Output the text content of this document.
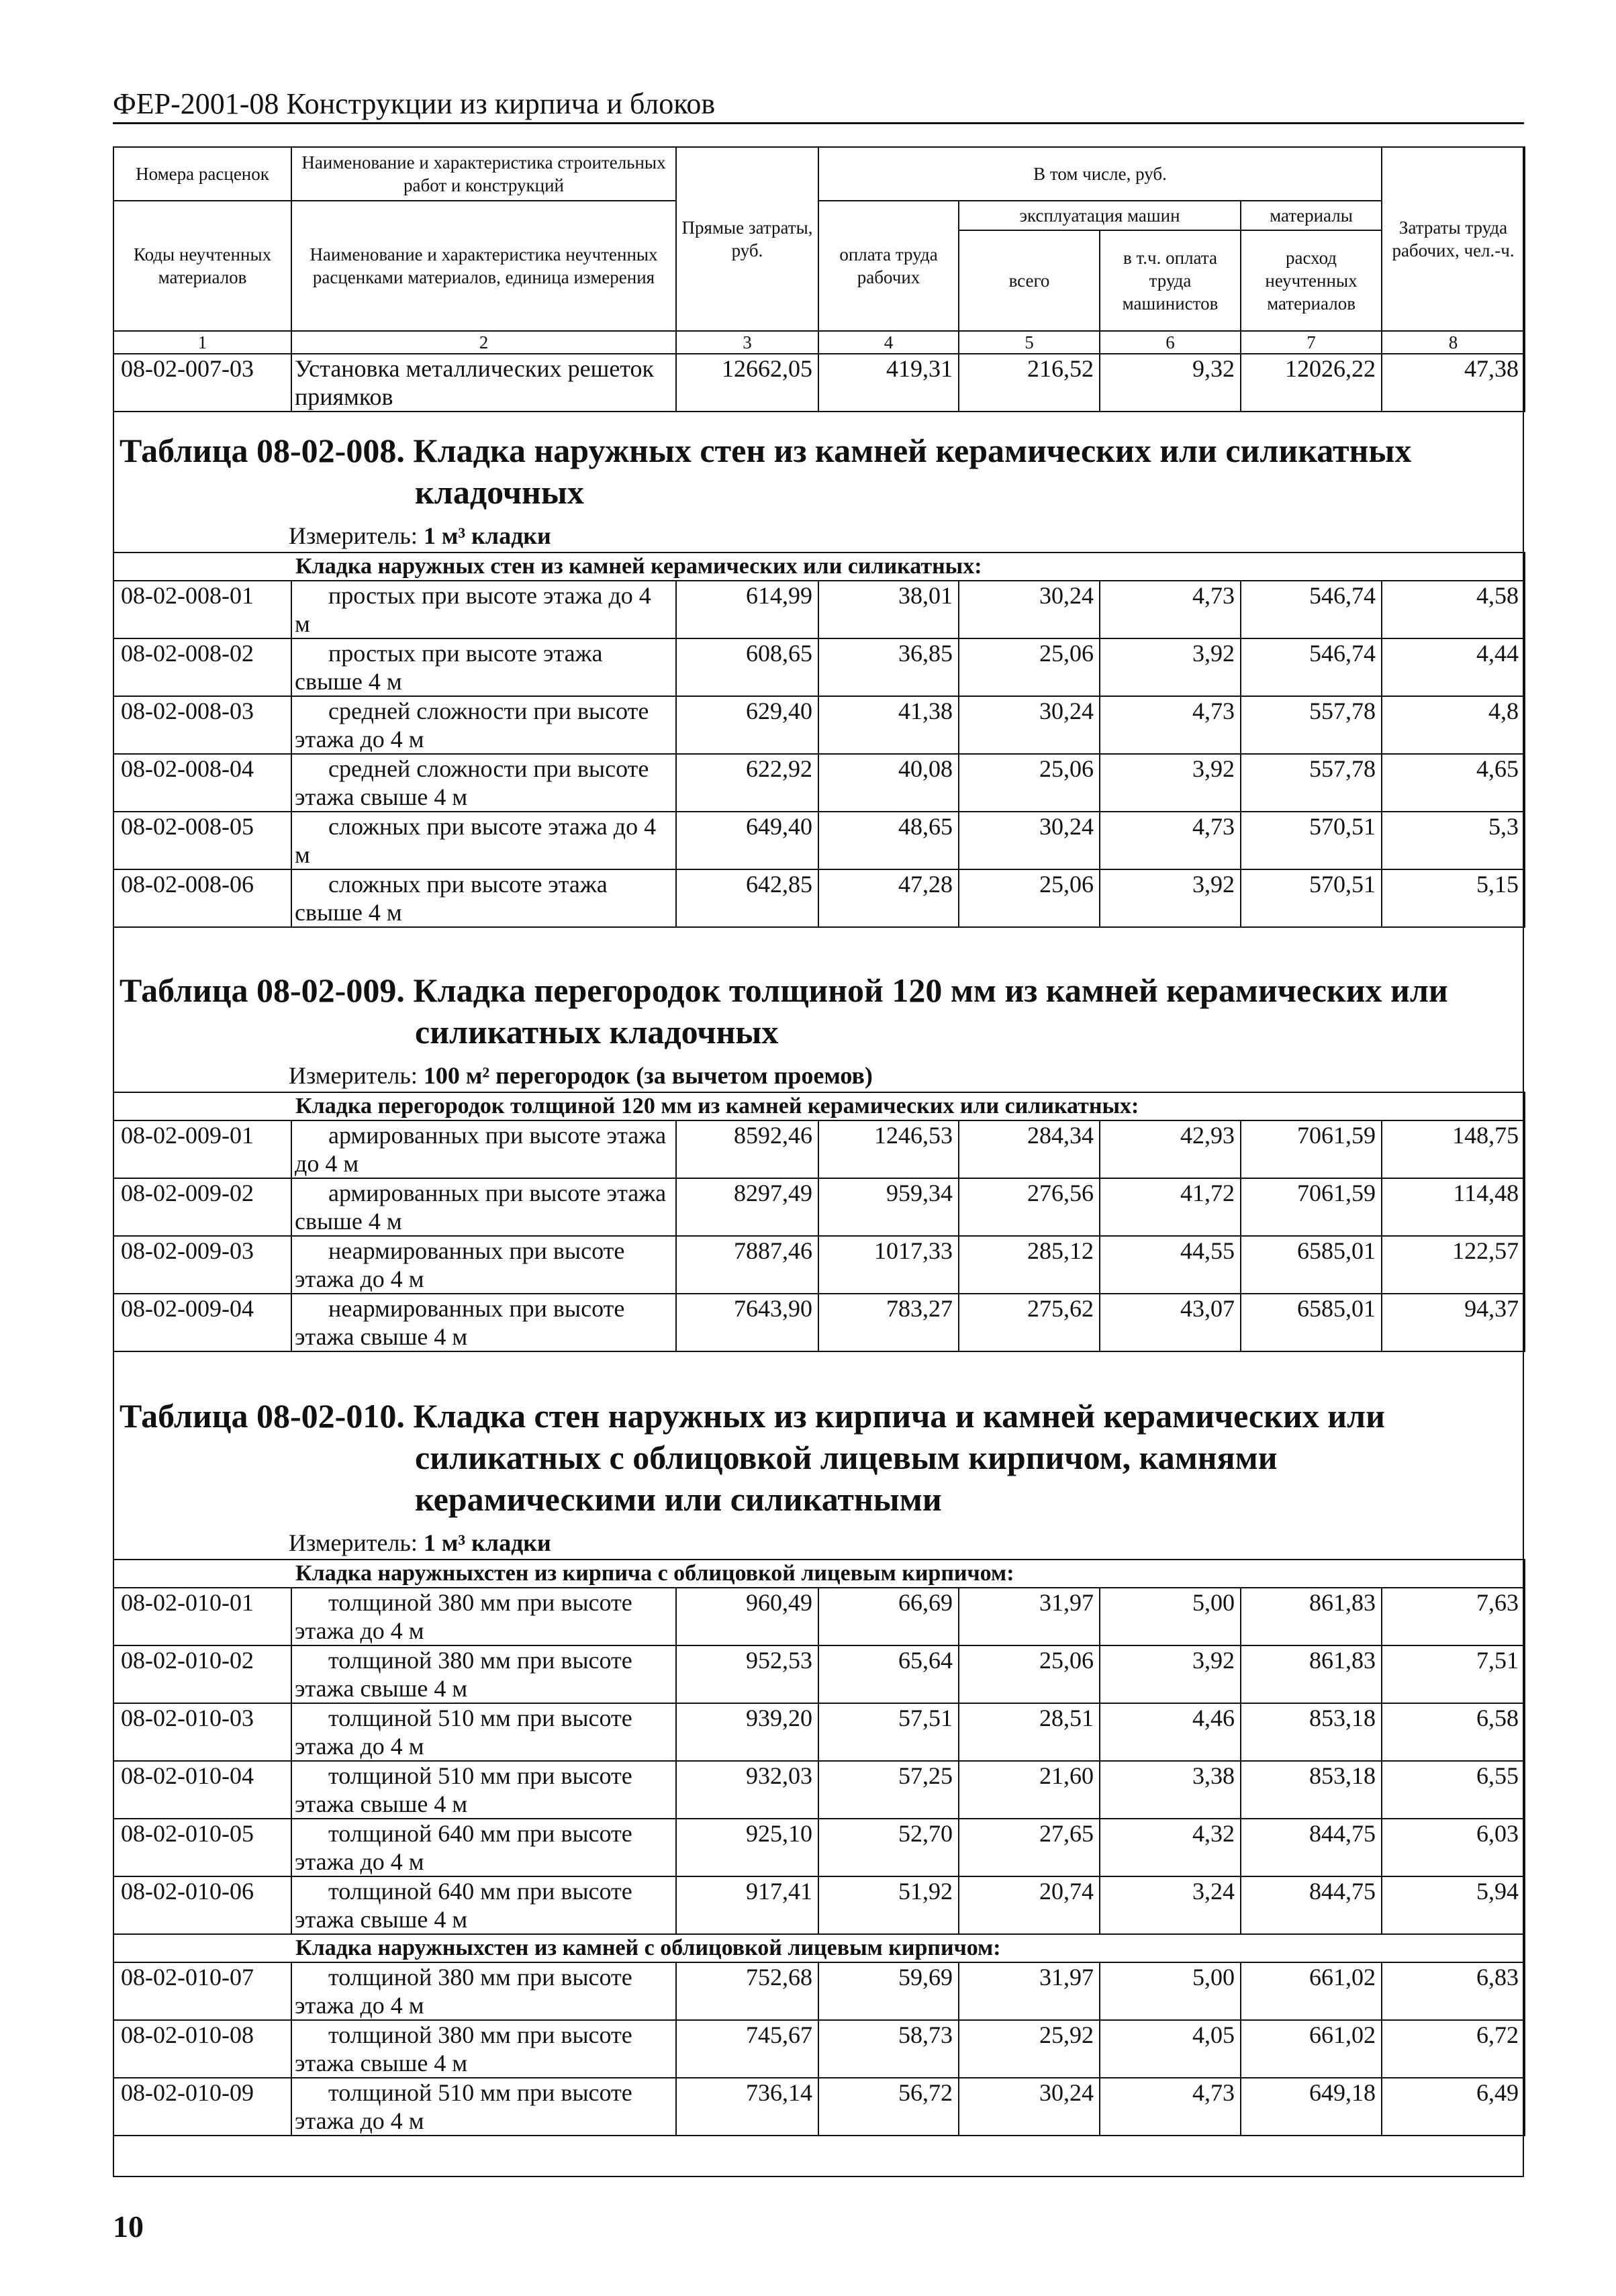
ФЕР-2001-08 Конструкции из кирпича и блоков
Номера расценок	Наименование и характеристика строительных работ и конструкций	Прямые затраты, руб.	В том числе, руб.				Затраты труда рабочих, чел.-ч.
Коды неучтенных материалов	Наименование и характеристика неучтенных расценками материалов, единица измерения		оплата труда рабочих	эксплуатация машин		материалы	
				всего	в т.ч. оплата труда машинистов	расход неучтенных материалов	
1	2	3	4	5	6	7	8
08-02-007-03	Установка металлических решеток приямков	12662,05	419,31	216,52	9,32	12026,22	47,38
Таблица 08-02-008. Кладка наружных стен из камней керамических или силикатных
кладочных
Измеритель: 1 м³ кладки
Кладка наружных стен из камней керамических или силикатных:							
08-02-008-01	простых при высоте этажа до 4 м	614,99	38,01	30,24	4,73	546,74	4,58
08-02-008-02	простых при высоте этажа свыше 4 м	608,65	36,85	25,06	3,92	546,74	4,44
08-02-008-03	средней сложности при высоте этажа до 4 м	629,40	41,38	30,24	4,73	557,78	4,8
08-02-008-04	средней сложности при высоте этажа свыше 4 м	622,92	40,08	25,06	3,92	557,78	4,65
08-02-008-05	сложных при высоте этажа до 4 м	649,40	48,65	30,24	4,73	570,51	5,3
08-02-008-06	сложных при высоте этажа свыше 4 м	642,85	47,28	25,06	3,92	570,51	5,15
Таблица 08-02-009. Кладка перегородок толщиной 120 мм из камней керамических или
силикатных кладочных
Измеритель: 100 м² перегородок (за вычетом проемов)
Кладка перегородок толщиной 120 мм из камней керамических или силикатных:							
08-02-009-01	армированных при высоте этажа до 4 м	8592,46	1246,53	284,34	42,93	7061,59	148,75
08-02-009-02	армированных при высоте этажа свыше 4 м	8297,49	959,34	276,56	41,72	7061,59	114,48
08-02-009-03	неармированных при высоте этажа до 4 м	7887,46	1017,33	285,12	44,55	6585,01	122,57
08-02-009-04	неармированных при высоте этажа свыше 4 м	7643,90	783,27	275,62	43,07	6585,01	94,37
Таблица 08-02-010. Кладка стен наружных из кирпича и камней керамических или
силикатных с облицовкой лицевым кирпичом, камнями
керамическими или силикатными
Измеритель: 1 м³ кладки
Кладка наружныхстен из кирпича с облицовкой лицевым кирпичом:							
08-02-010-01	толщиной 380 мм при высоте этажа до 4 м	960,49	66,69	31,97	5,00	861,83	7,63
08-02-010-02	толщиной 380 мм при высоте этажа свыше 4 м	952,53	65,64	25,06	3,92	861,83	7,51
08-02-010-03	толщиной 510 мм при высоте этажа до 4 м	939,20	57,51	28,51	4,46	853,18	6,58
08-02-010-04	толщиной 510 мм при высоте этажа свыше 4 м	932,03	57,25	21,60	3,38	853,18	6,55
08-02-010-05	толщиной 640 мм при высоте этажа до 4 м	925,10	52,70	27,65	4,32	844,75	6,03
08-02-010-06	толщиной 640 мм при высоте этажа свыше 4 м	917,41	51,92	20,74	3,24	844,75	5,94
Кладка наружныхстен из камней с облицовкой лицевым кирпичом:							
08-02-010-07	толщиной 380 мм при высоте этажа до 4 м	752,68	59,69	31,97	5,00	661,02	6,83
08-02-010-08	толщиной 380 мм при высоте этажа свыше 4 м	745,67	58,73	25,92	4,05	661,02	6,72
08-02-010-09	толщиной 510 мм при высоте этажа до 4 м	736,14	56,72	30,24	4,73	649,18	6,49
10
